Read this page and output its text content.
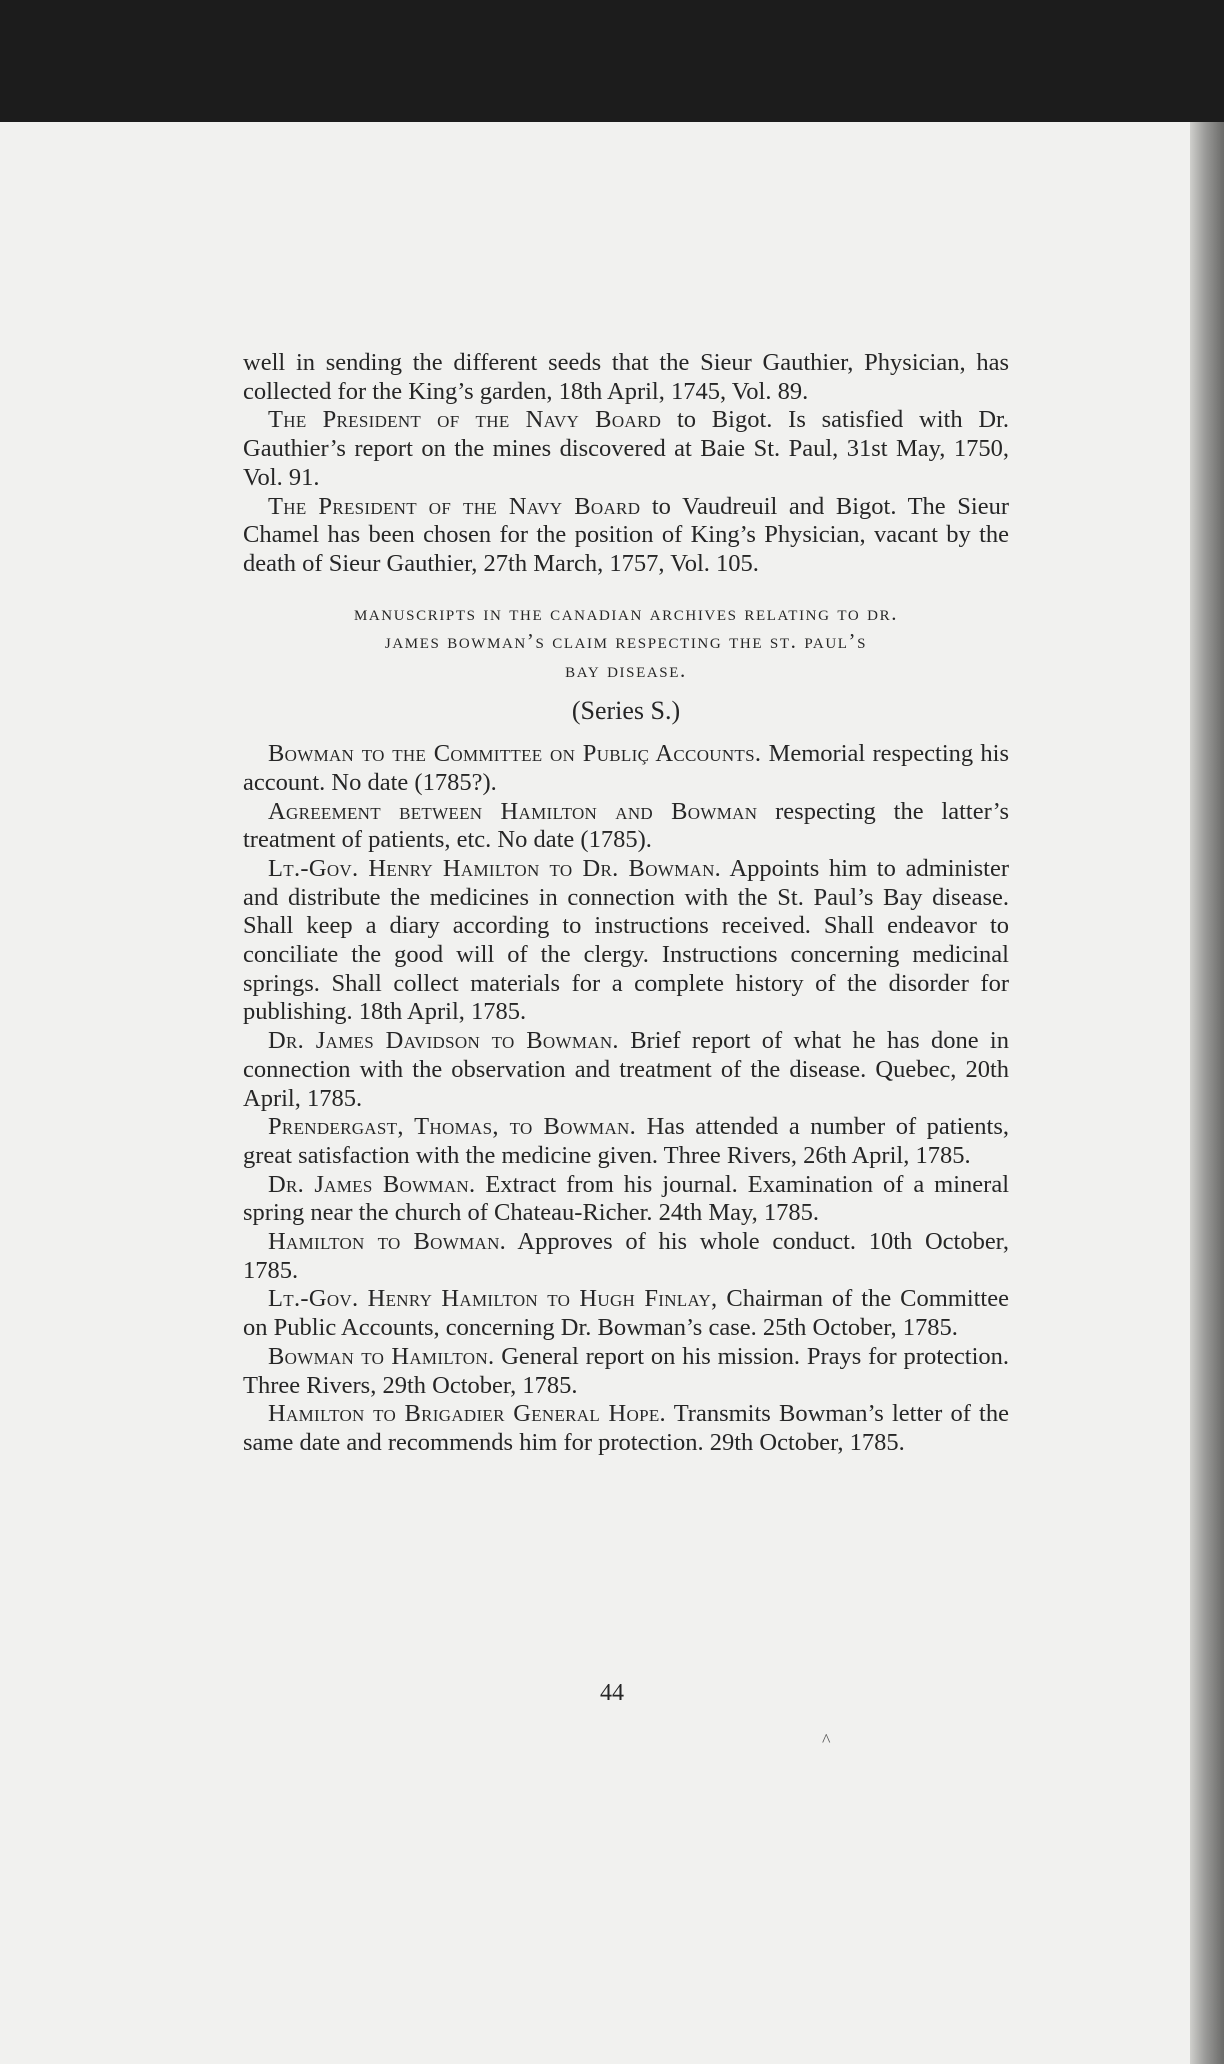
well in sending the different seeds that the Sieur Gauthier, Physician, has collected for the King’s garden, 18th April, 1745, Vol. 89.

The President of the Navy Board to Bigot. Is satisfied with Dr. Gauthier’s report on the mines discovered at Baie St. Paul, 31st May, 1750, Vol. 91.

The President of the Navy Board to Vaudreuil and Bigot. The Sieur Chamel has been chosen for the position of King’s Physician, vacant by the death of Sieur Gauthier, 27th March, 1757, Vol. 105.

manuscripts in the canadian archives relating to dr.
james bowman’s claim respecting the st. paul’s
bay disease.
(Series S.)

Bowman to the Committee on Publiç Accounts. Memorial respecting his account. No date (1785?).

Agreement between Hamilton and Bowman respecting the latter’s treatment of patients, etc. No date (1785).

Lt.-Gov. Henry Hamilton to Dr. Bowman. Appoints him to administer and distribute the medicines in connection with the St. Paul’s Bay disease. Shall keep a diary according to instructions received. Shall endeavor to conciliate the good will of the clergy. Instructions concerning medicinal springs. Shall collect materials for a complete history of the disorder for publishing. 18th April, 1785.

Dr. James Davidson to Bowman. Brief report of what he has done in connection with the observation and treatment of the disease. Quebec, 20th April, 1785.

Prendergast, Thomas, to Bowman. Has attended a number of patients, great satisfaction with the medicine given. Three Rivers, 26th April, 1785.

Dr. James Bowman. Extract from his journal. Examination of a mineral spring near the church of Chateau-Richer. 24th May, 1785.

Hamilton to Bowman. Approves of his whole conduct. 10th October, 1785.

Lt.-Gov. Henry Hamilton to Hugh Finlay, Chairman of the Committee on Public Accounts, concerning Dr. Bowman’s case. 25th October, 1785.

Bowman to Hamilton. General report on his mission. Prays for protection. Three Rivers, 29th October, 1785.

Hamilton to Brigadier General Hope. Transmits Bowman’s letter of the same date and recommends him for protection. 29th October, 1785.

44
^
